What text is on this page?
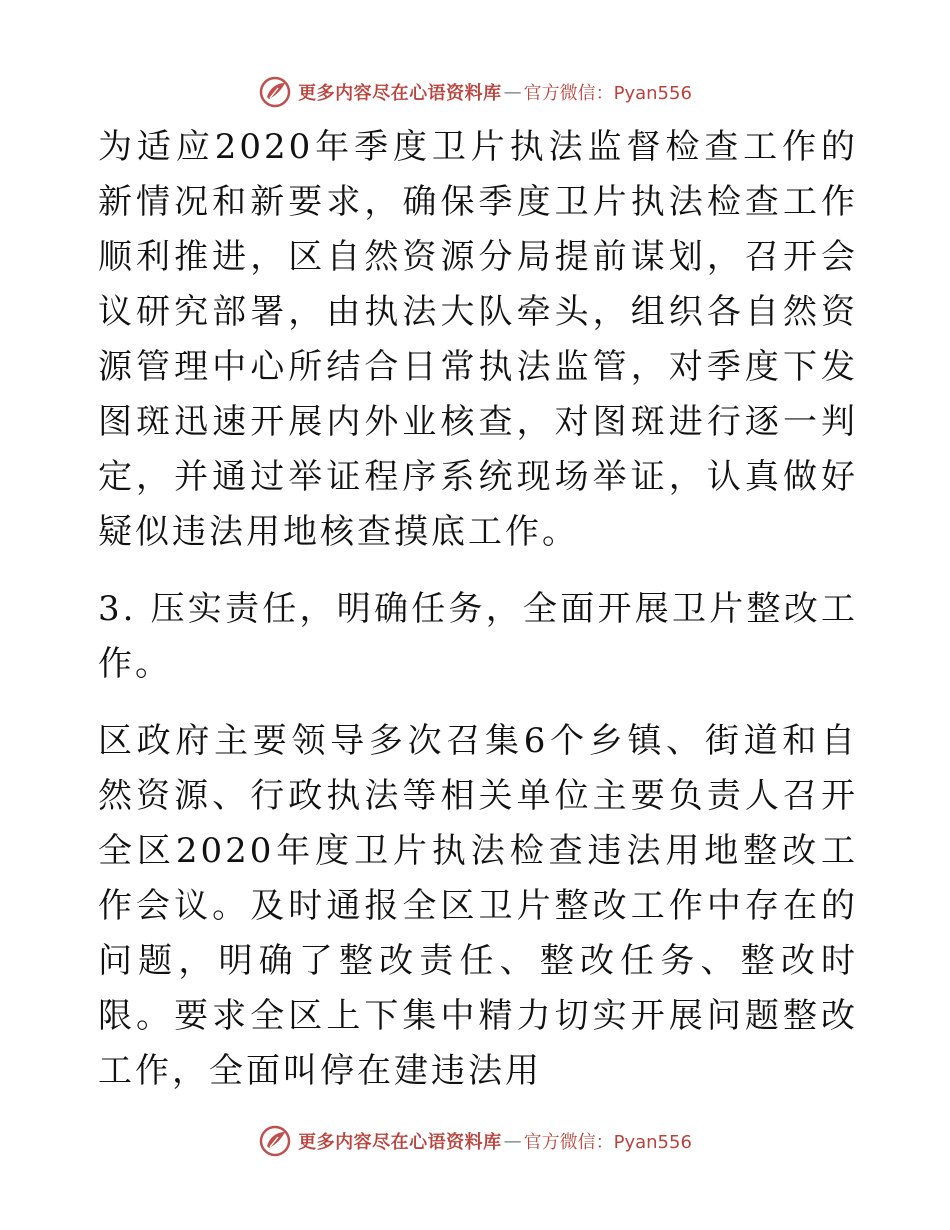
更多内容尽在心语资料库 — 官方微信：Pyan556

为适应2020年季度卫片执法监督检查工作的新情况和新要求，确保季度卫片执法检查工作顺利推进，区自然资源分局提前谋划，召开会议研究部署，由执法大队牵头，组织各自然资源管理中心所结合日常执法监管，对季度下发图斑迅速开展内外业核查，对图斑进行逐一判定，并通过举证程序系统现场举证，认真做好疑似违法用地核查摸底工作。

3. 压实责任，明确任务，全面开展卫片整改工作。

区政府主要领导多次召集6个乡镇、街道和自然资源、行政执法等相关单位主要负责人召开全区2020年度卫片执法检查违法用地整改工作会议。及时通报全区卫片整改工作中存在的问题，明确了整改责任、整改任务、整改时限。要求全区上下集中精力切实开展问题整改工作，全面叫停在建违法用

更多内容尽在心语资料库 — 官方微信：Pyan556
